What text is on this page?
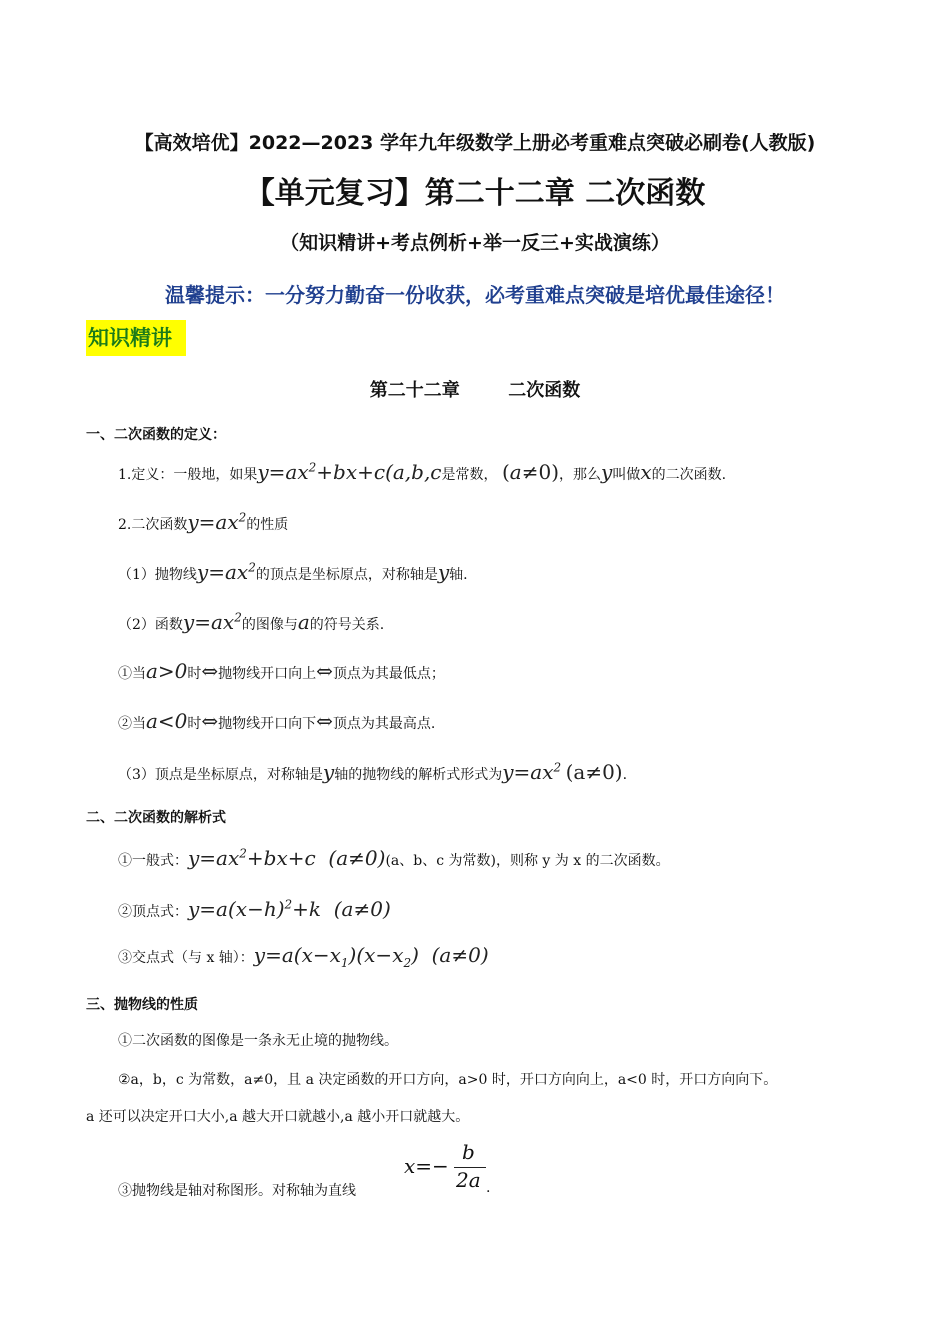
【高效培优】2022—2023 学年九年级数学上册必考重难点突破必刷卷(人教版)
【单元复习】第二十二章 二次函数
（知识精讲+考点例析+举一反三+实战演练）
温馨提示：一分努力勤奋一份收获，必考重难点突破是培优最佳途径！
知识精讲
第二十二章	二次函数
一、二次函数的定义：
1.定义：一般地，如果$y=ax^2+bx+c(a,b,c$是常数， (a≠0)，那么y叫做x的二次函数.
2.二次函数$y=ax^2$的性质
（1）抛物线$y=ax^2$的顶点是坐标原点，对称轴是y轴.
（2）函数$y=ax^2$的图像与a的符号关系.
①当a>0时⇔抛物线开口向上⇔顶点为其最低点；
②当a<0时⇔抛物线开口向下⇔顶点为其最高点.
（3）顶点是坐标原点，对称轴是y轴的抛物线的解析式形式为$y=ax^2$ (a≠0).
二、二次函数的解析式
①一般式：$y=ax^2+bx+c$  (a≠0)(a、b、c 为常数)，则称 y 为 x 的二次函数。
②顶点式：$y=a(x-h)^2+k$  (a≠0)
③交点式（与 x 轴）：$y=a(x-x_1)(x-x_2)$  (a≠0)
三、抛物线的性质
①二次函数的图像是一条永无止境的抛物线。
②a，b，c 为常数，a≠0，且 a 决定函数的开口方向，a>0 时，开口方向向上，a<0 时，开口方向向下。
a 还可以决定开口大小,a 越大开口就越小,a 越小开口就越大。
③抛物线是轴对称图形。对称轴为直线
x=−
b
2a .
